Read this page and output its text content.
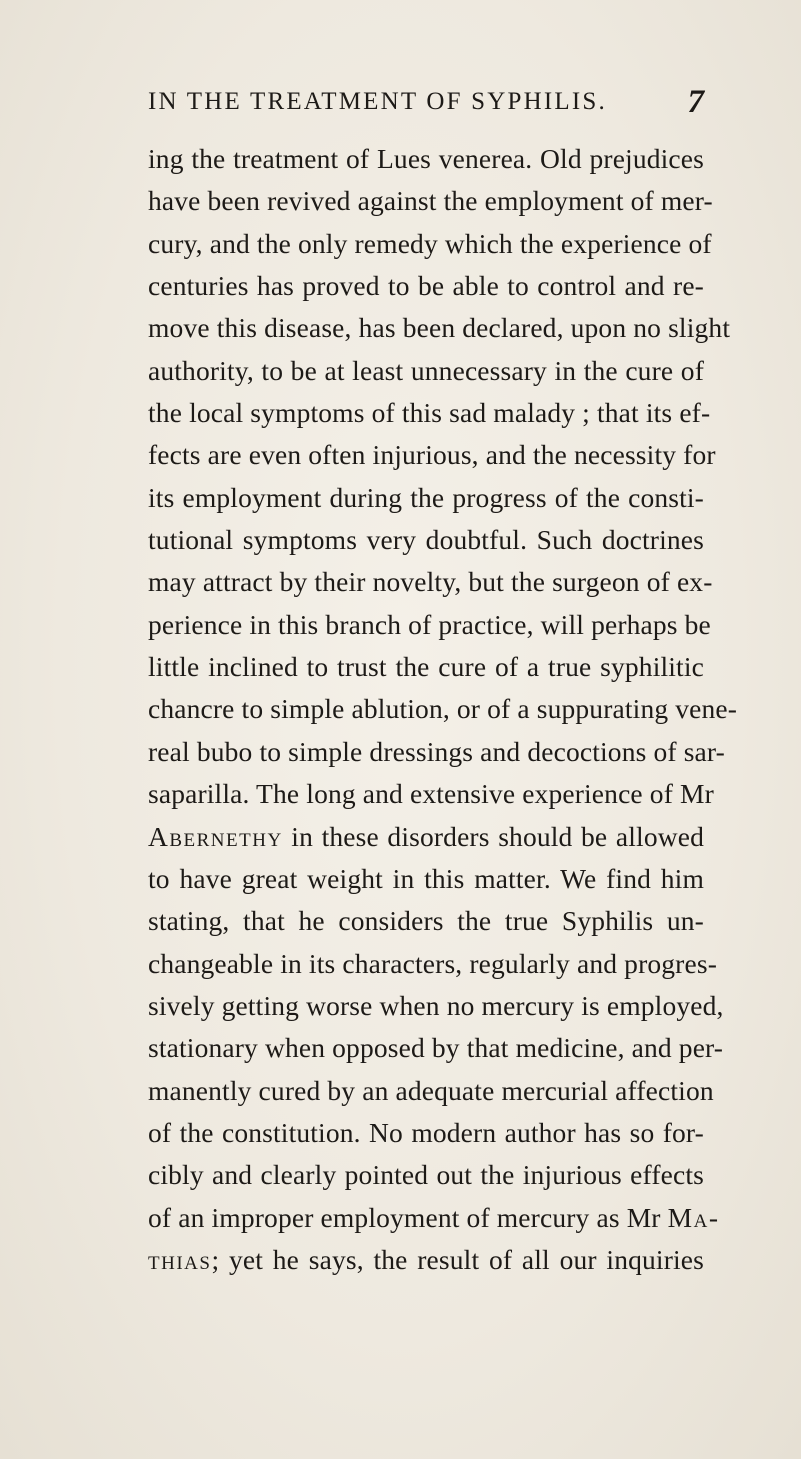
IN THE TREATMENT OF SYPHILIS. 7
ing the treatment of Lues venerea. Old prejudices
have been revived against the employment of mer-
cury, and the only remedy which the experience of
centuries has proved to be able to control and re-
move this disease, has been declared, upon no slight
authority, to be at least unnecessary in the cure of
the local symptoms of this sad malady ; that its ef-
fects are even often injurious, and the necessity for
its employment during the progress of the consti-
tutional symptoms very doubtful. Such doctrines
may attract by their novelty, but the surgeon of ex-
perience in this branch of practice, will perhaps be
little inclined to trust the cure of a true syphilitic
chancre to simple ablution, or of a suppurating vene-
real bubo to simple dressings and decoctions of sar-
saparilla. The long and extensive experience of Mr
Abernethy in these disorders should be allowed
to have great weight in this matter. We find him
stating, that he considers the true Syphilis un-
changeable in its characters, regularly and progres-
sively getting worse when no mercury is employed,
stationary when opposed by that medicine, and per-
manently cured by an adequate mercurial affection
of the constitution. No modern author has so for-
cibly and clearly pointed out the injurious effects
of an improper employment of mercury as Mr Ma-
thias; yet he says, the result of all our inquiries
